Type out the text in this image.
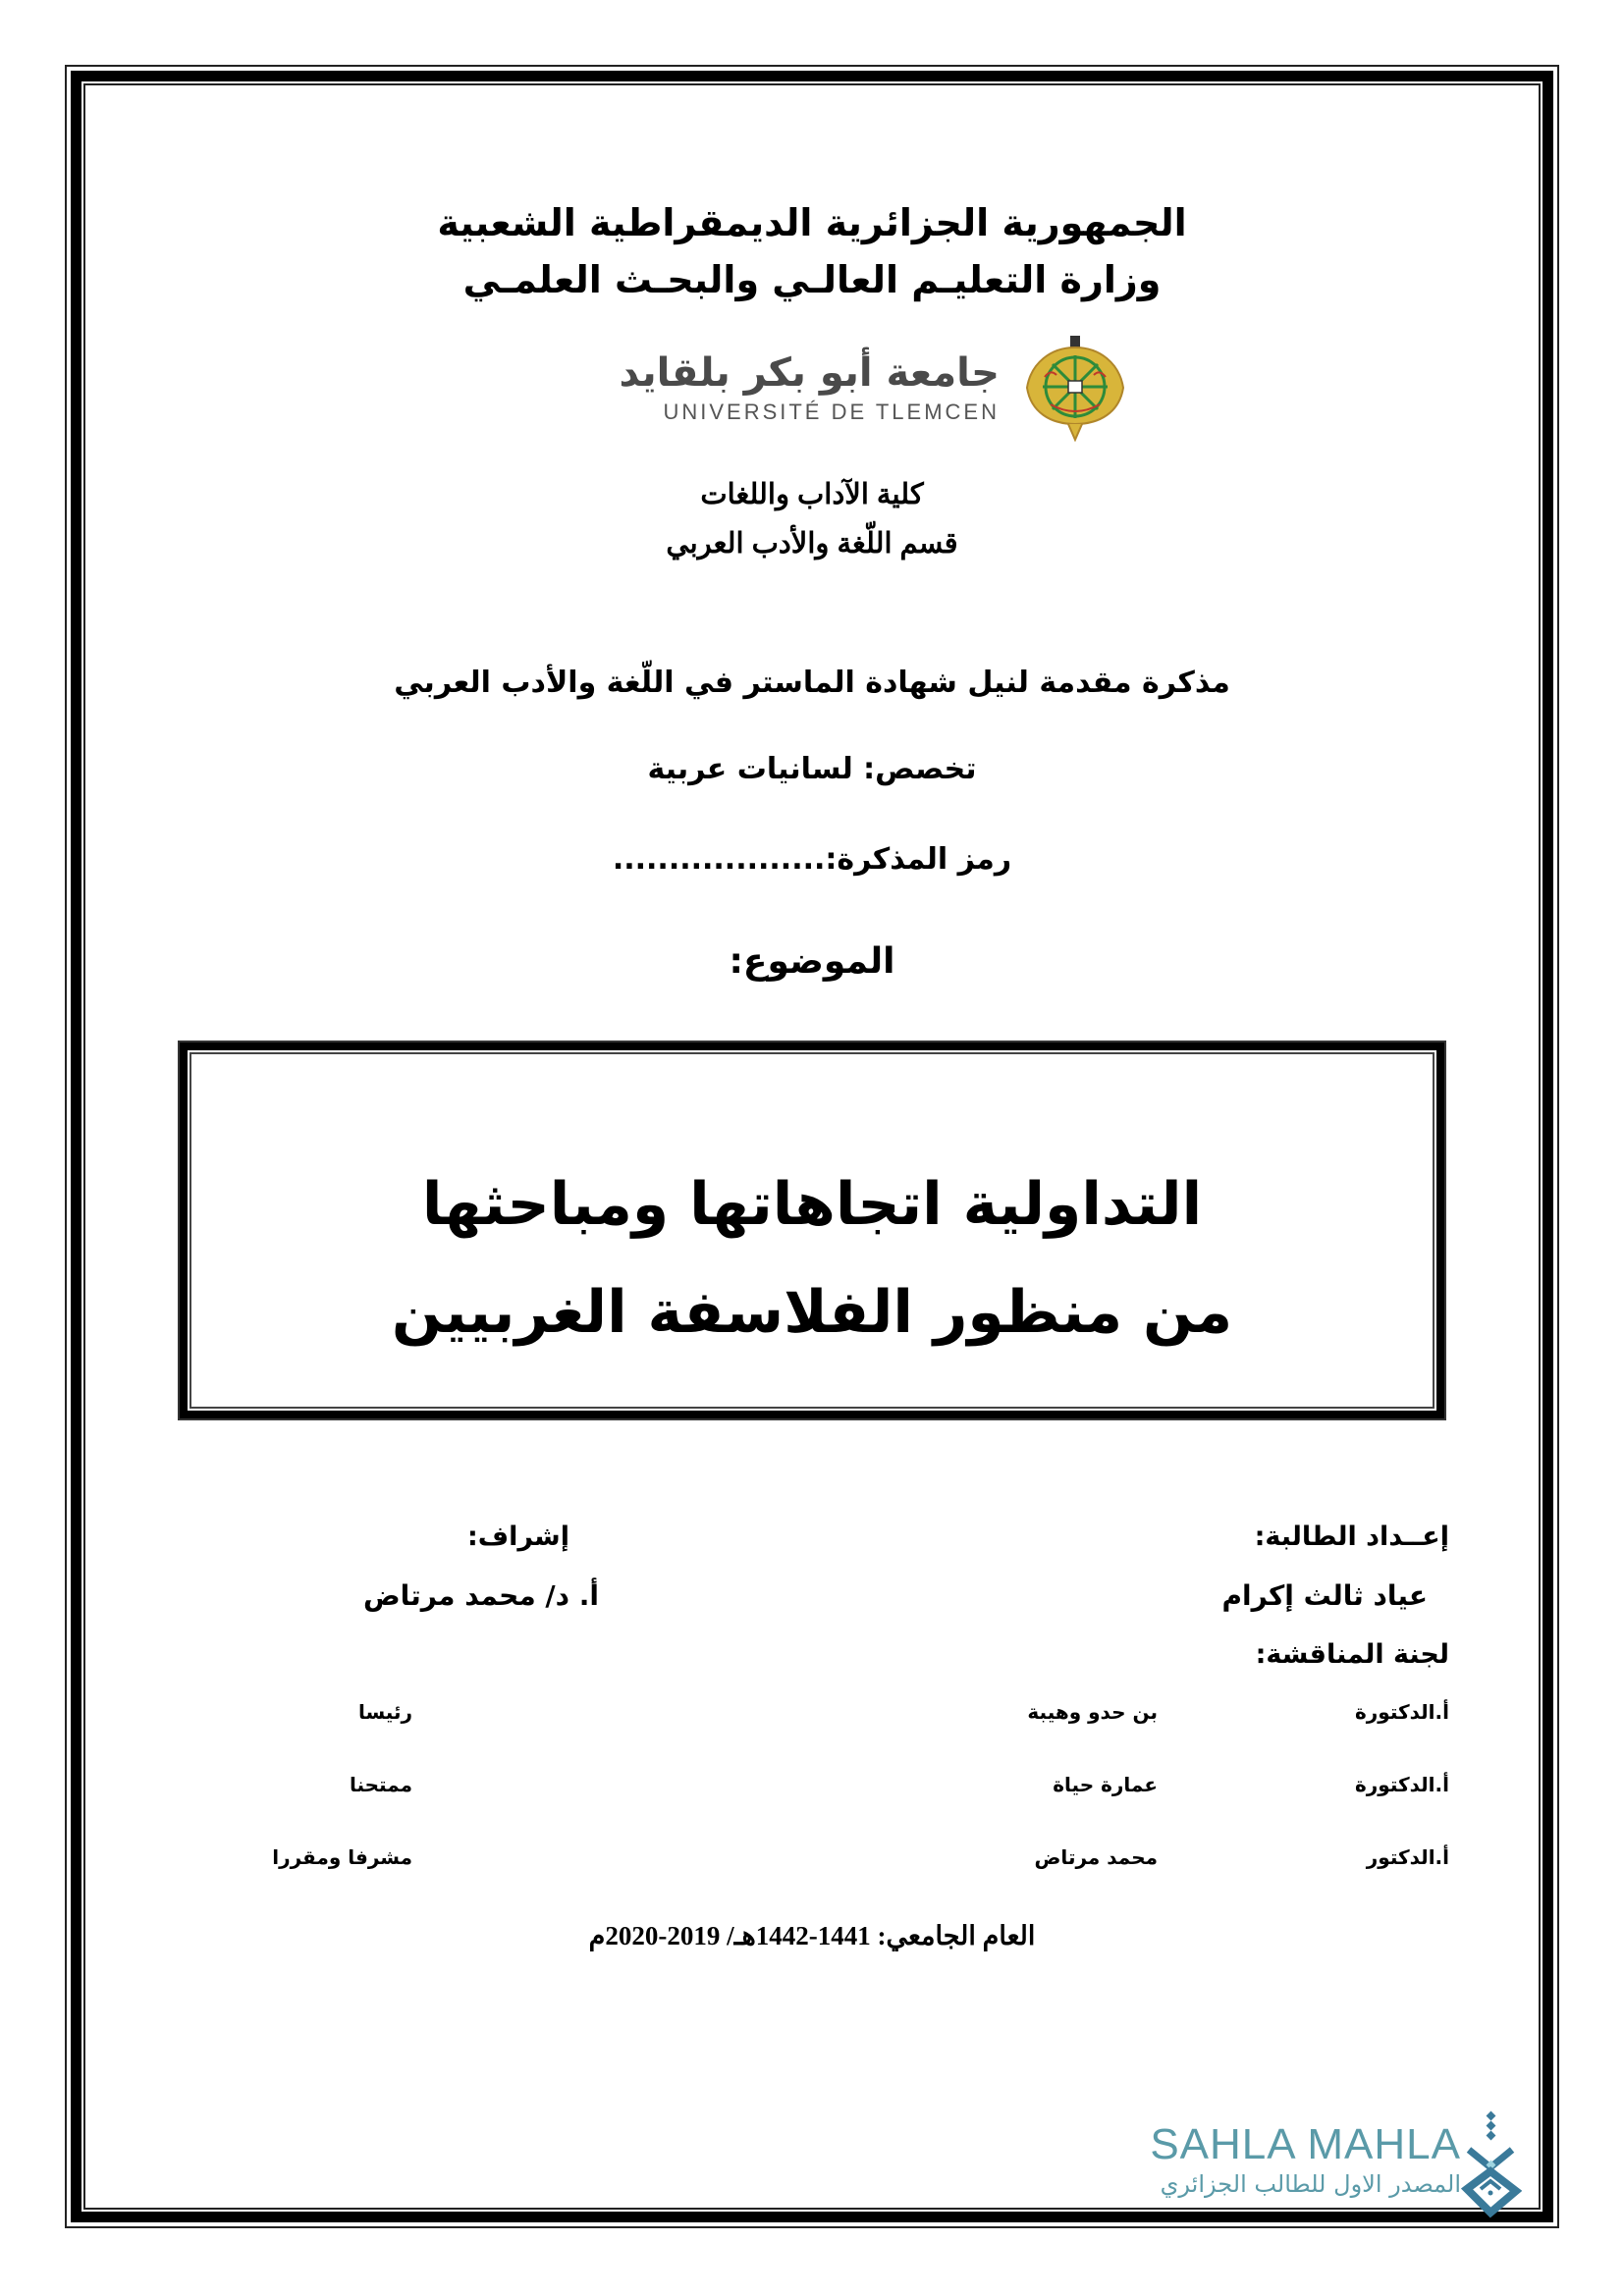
الجمهورية الجزائرية الديمقراطية الشعبية
وزارة التعليـم العالـي والبحـث العلمـي
جامعة أبو بكر بلقايد
UNIVERSITÉ DE TLEMCEN
كلية الآداب واللغات
قسم اللّغة والأدب العربي
مذكرة مقدمة لنيل شهادة الماستر في اللّغة والأدب العربي
تخصص: لسانيات عربية
رمز المذكرة:...................
الموضوع:
التداولية اتجاهاتها ومباحثها
من منظور الفلاسفة الغربيين
إعــداد الطالبة:
عياد ثالث إكرام
لجنة المناقشة:
إشراف:
أ. د/ محمد مرتاض
أ.الدكتورة
بن حدو وهيبة
رئيسا
أ.الدكتورة
عمارة حياة
ممتحنا
أ.الدكتور
محمد مرتاض
مشرفا ومقررا
العام الجامعي: 1441-1442هـ/ 2019-2020م
SAHLA MAHLA
المصدر الاول للطالب الجزائري
